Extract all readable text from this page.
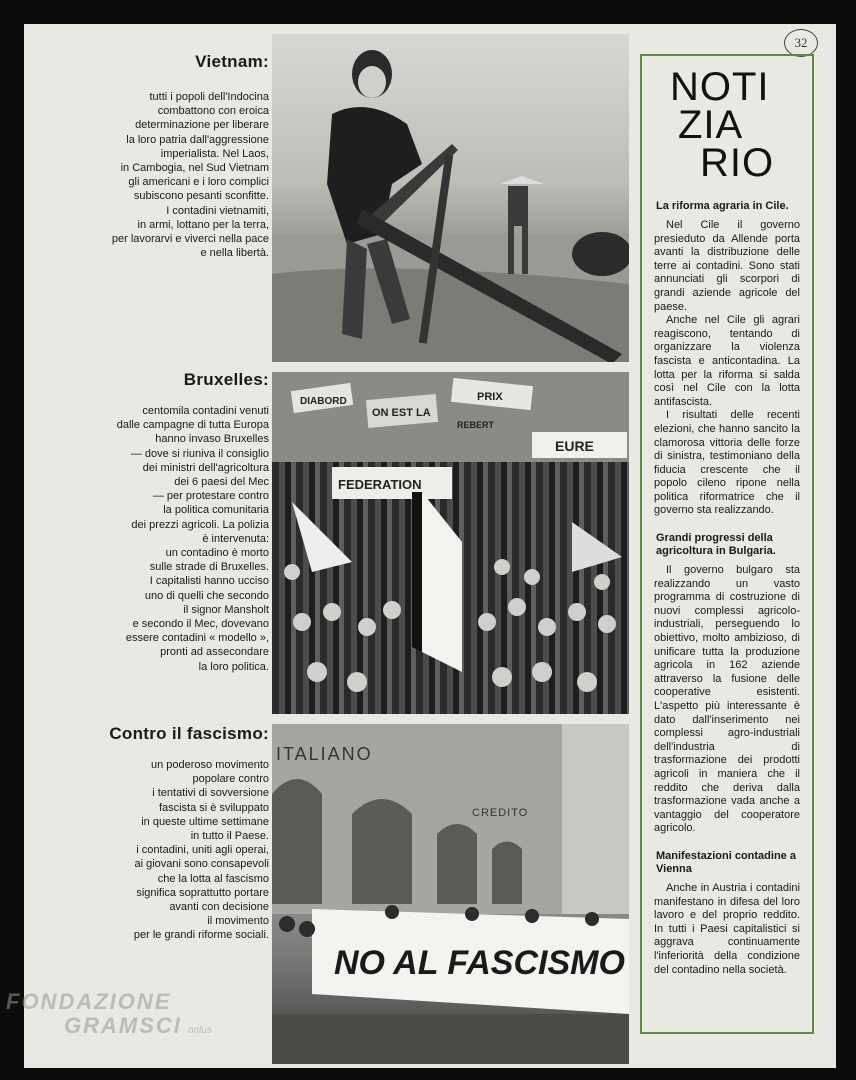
32
Vietnam:

tutti i popoli dell'Indocina
combattono con eroica
determinazione per liberare
la loro patria dall'aggressione
imperialista. Nel Laos,
in Cambogia, nel Sud Vietnam
gli americani e i loro complici
subiscono pesanti sconfitte.
I contadini vietnamiti,
in armi, lottano per la terra,
per lavorarvi e viverci nella pace
e nella libertà.

Bruxelles:

centomila contadini venuti
dalle campagne di tutta Europa
hanno invaso Bruxelles
— dove si riuniva il consiglio
dei ministri dell'agricoltura
dei 6 paesi del Mec
— per protestare contro
la politica comunitaria
dei prezzi agricoli. La polizia
è intervenuta:
un contadino è morto
sulle strade di Bruxelles.
I capitalisti hanno ucciso
uno di quelli che secondo
il signor Mansholt
e secondo il Mec, dovevano
essere contadini « modello »,
pronti ad assecondare
la loro politica.

Contro il fascismo:

un poderoso movimento
popolare contro
i tentativi di sovversione
fascista si è sviluppato
in queste ultime settimane
in tutto il Paese.
i contadini, uniti agli operai,
ai giovani sono consapevoli
che la lotta al fascismo
significa soprattutto portare
avanti con decisione
il movimento
per le grandi riforme sociali.

EURE
FEDERATION
PRIX
ON EST LA
DIABORD
REBERT
ITALIANO
CREDITO
NO AL FASCISMO
NOTI
ZIA
RIO
La riforma agraria in Cile.

Nel Cile il governo presieduto da Allende porta avanti la distribuzione delle terre ai contadini. Sono stati annunciati gli scorpori di grandi aziende agricole del paese.

Anche nel Cile gli agrari reagiscono, tentando di organizzare la violenza fascista e anticontadina. La lotta per la riforma si salda così nel Cile con la lotta antifascista.

I risultati delle recenti elezioni, che hanno sancito la clamorosa vittoria delle forze di sinistra, testimoniano della fiducia crescente che il popolo cileno ripone nella politica riformatrice che il governo sta realizzando.

Grandi progressi della agricoltura in Bulgaria.

Il governo bulgaro sta realizzando un vasto programma di costruzione di nuovi complessi agricolo-industriali, perseguendo lo obiettivo, molto ambizioso, di unificare tutta la produzione agricola in 162 aziende attraverso la fusione delle cooperative esistenti. L'aspetto più interessante è dato dall'inserimento nei complessi agro-industriali dell'industria di trasformazione dei prodotti agricoli in maniera che il reddito che deriva dalla trasformazione vada anche a vantaggio del cooperatore agricolo.

Manifestazioni contadine a Vienna

Anche in Austria i contadini manifestano in difesa del loro lavoro e del proprio reddito. In tutti i Paesi capitalistici si aggrava continuamente l'inferiorità della condizione del contadino nella società.

FONDAZIONE
GRAMSCI onlus
